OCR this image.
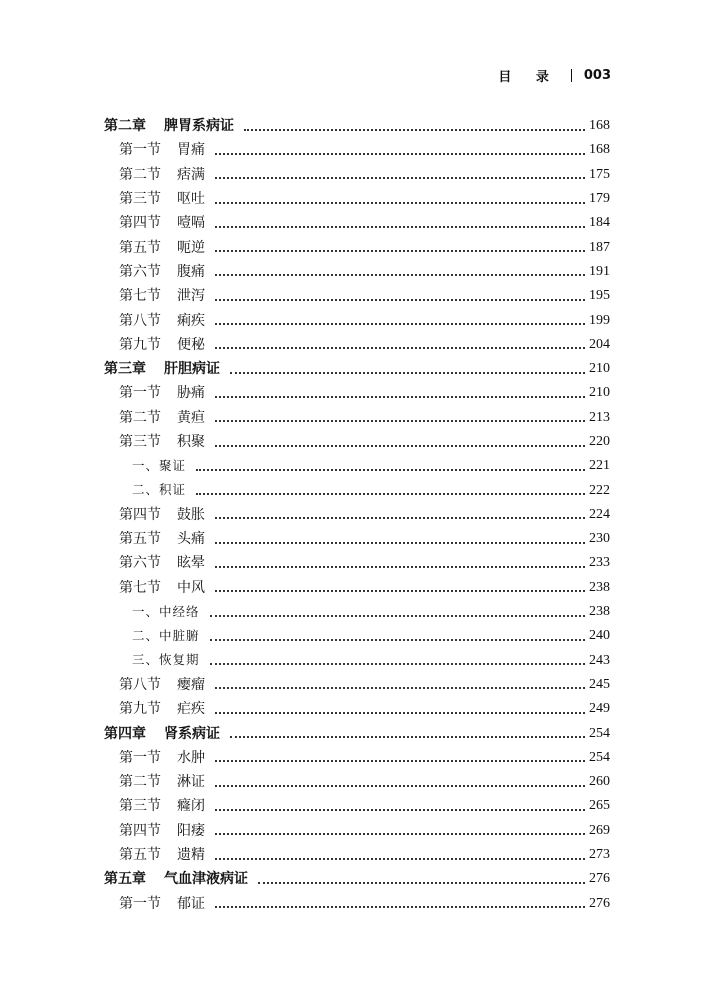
目 录 003
第二章 脾胃系病证	168
第一节 胃痛	168
第二节 痞满	175
第三节 呕吐	179
第四节 噎嗝	184
第五节 呃逆	187
第六节 腹痛	191
第七节 泄泻	195
第八节 痢疾	199
第九节 便秘	204
第三章 肝胆病证	210
第一节 胁痛	210
第二节 黄疸	213
第三节 积聚	220
一、 聚证	221
二、 积证	222
第四节 鼓胀	224
第五节 头痛	230
第六节 眩晕	233
第七节 中风	238
一、 中经络	238
二、 中脏腑	240
三、 恢复期	243
第八节 瘿瘤	245
第九节 疟疾	249
第四章 肾系病证	254
第一节 水肿	254
第二节 淋证	260
第三节 癃闭	265
第四节 阳痿	269
第五节 遗精	273
第五章 气血津液病证	276
第一节 郁证	276
